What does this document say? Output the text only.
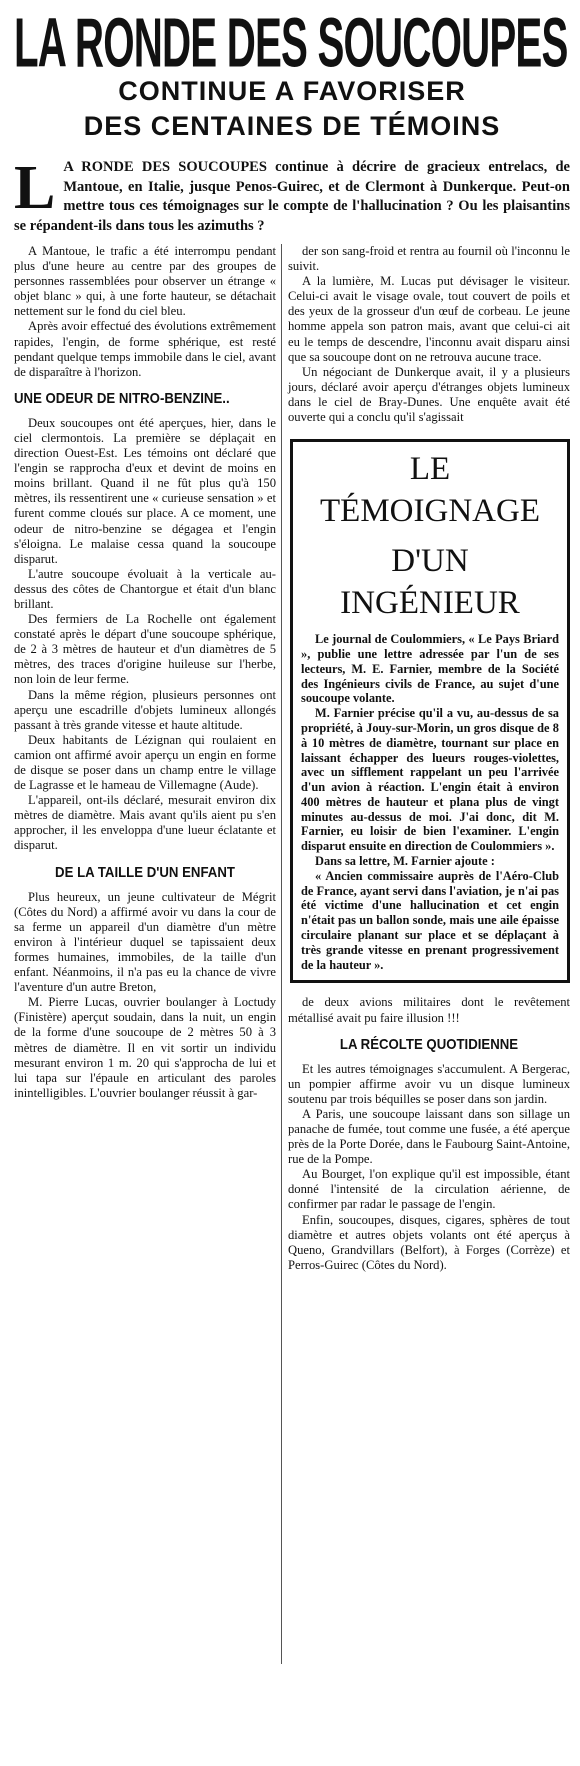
LA RONDE DES SOUCOUPES
CONTINUE A FAVORISER
DES CENTAINES DE TÉMOINS
L A RONDE DES SOUCOUPES continue à décrire de gracieux entrelacs, de Mantoue, en Italie, jusque Penos-Guirec, et de Clermont à Dunkerque. Peut-on mettre tous ces témoignages sur le compte de l'hallucination ? Ou les plaisantins se répandent-ils dans tous les azimuths ?

A Mantoue, le trafic a été interrompu pendant plus d'une heure au centre par des groupes de personnes rassemblées pour observer un étrange « objet blanc » qui, à une forte hauteur, se détachait nettement sur le fond du ciel bleu.

Après avoir effectué des évolutions extrêmement rapides, l'engin, de forme sphérique, est resté pendant quelque temps immobile dans le ciel, avant de disparaître à l'horizon.

UNE ODEUR DE NITRO-BENZINE..

Deux soucoupes ont été aperçues, hier, dans le ciel clermontois. La première se déplaçait en direction Ouest-Est. Les témoins ont déclaré que l'engin se rapprocha d'eux et devint de moins en moins brillant. Quand il ne fût plus qu'à 150 mètres, ils ressentirent une « curieuse sensation » et furent comme cloués sur place. A ce moment, une odeur de nitro-benzine se dégagea et l'engin s'éloigna. Le malaise cessa quand la soucoupe disparut.

L'autre soucoupe évoluait à la verticale au-dessus des côtes de Chantorgue et était d'un blanc brillant.

Des fermiers de La Rochelle ont également constaté après le départ d'une soucoupe sphérique, de 2 à 3 mètres de hauteur et d'un diamètres de 5 mètres, des traces d'origine huileuse sur l'herbe, non loin de leur ferme.

Dans la même région, plusieurs personnes ont aperçu une escadrille d'objets lumineux allongés passant à très grande vitesse et haute altitude.

Deux habitants de Lézignan qui roulaient en camion ont affirmé avoir aperçu un engin en forme de disque se poser dans un champ entre le village de Lagrasse et le hameau de Villemagne (Aude).

L'appareil, ont-ils déclaré, mesurait environ dix mètres de diamètre. Mais avant qu'ils aient pu s'en approcher, il les enveloppa d'une lueur éclatante et disparut.

DE LA TAILLE D'UN ENFANT

Plus heureux, un jeune cultivateur de Mégrit (Côtes du Nord) a affirmé avoir vu dans la cour de sa ferme un appareil d'un diamètre d'un mètre environ à l'intérieur duquel se tapissaient deux formes humaines, immobiles, de la taille d'un enfant. Néanmoins, il n'a pas eu la chance de vivre l'aventure d'un autre Breton,

M. Pierre Lucas, ouvrier boulanger à Loctudy (Finistère) aperçut soudain, dans la nuit, un engin de la forme d'une soucoupe de 2 mètres 50 à 3 mètres de diamètre. Il en vit sortir un individu mesurant environ 1 m. 20 qui s'approcha de lui et lui tapa sur l'épaule en articulant des paroles inintelligibles. L'ouvrier boulanger réussit à gar-

der son sang-froid et rentra au fournil où l'inconnu le suivit.

A la lumière, M. Lucas put dévisager le visiteur. Celui-ci avait le visage ovale, tout couvert de poils et des yeux de la grosseur d'un œuf de corbeau. Le jeune homme appela son patron mais, avant que celui-ci ait eu le temps de descendre, l'inconnu avait disparu ainsi que sa soucoupe dont on ne retrouva aucune trace.

Un négociant de Dunkerque avait, il y a plusieurs jours, déclaré avoir aperçu d'étranges objets lumineux dans le ciel de Bray-Dunes. Une enquête avait été ouverte qui a conclu qu'il s'agissait

LE TÉMOIGNAGE
D'UN INGÉNIEUR

Le journal de Coulommiers, « Le Pays Briard », publie une lettre adressée par l'un de ses lecteurs, M. E. Farnier, membre de la Société des Ingénieurs civils de France, au sujet d'une soucoupe volante.

M. Farnier précise qu'il a vu, au-dessus de sa propriété, à Jouy-sur-Morin, un gros disque de 8 à 10 mètres de diamètre, tournant sur place en laissant échapper des lueurs rouges-violettes, avec un sifflement rappelant un peu l'arrivée d'un avion à réaction. L'engin était à environ 400 mètres de hauteur et plana plus de vingt minutes au-dessus de moi. J'ai donc, dit M. Farnier, eu loisir de bien l'examiner. L'engin disparut ensuite en direction de Coulommiers ».

Dans sa lettre, M. Farnier ajoute :

« Ancien commissaire auprès de l'Aéro-Club de France, ayant servi dans l'aviation, je n'ai pas été victime d'une hallucination et cet engin n'était pas un ballon sonde, mais une aile épaisse circulaire planant sur place et se déplaçant à très grande vitesse en prenant progressivement de la hauteur ».

de deux avions militaires dont le revêtement métallisé avait pu faire illusion !!!

LA RÉCOLTE QUOTIDIENNE

Et les autres témoignages s'accumulent. A Bergerac, un pompier affirme avoir vu un disque lumineux soutenu par trois béquilles se poser dans son jardin.

A Paris, une soucoupe laissant dans son sillage un panache de fumée, tout comme une fusée, a été aperçue près de la Porte Dorée, dans le Faubourg Saint-Antoine, rue de la Pompe.

Au Bourget, l'on explique qu'il est impossible, étant donné l'intensité de la circulation aérienne, de confirmer par radar le passage de l'engin.

Enfin, soucoupes, disques, cigares, sphères de tout diamètre et autres objets volants ont été aperçus à Queno, Grandvillars (Belfort), à Forges (Corrèze) et Perros-Guirec (Côtes du Nord).
